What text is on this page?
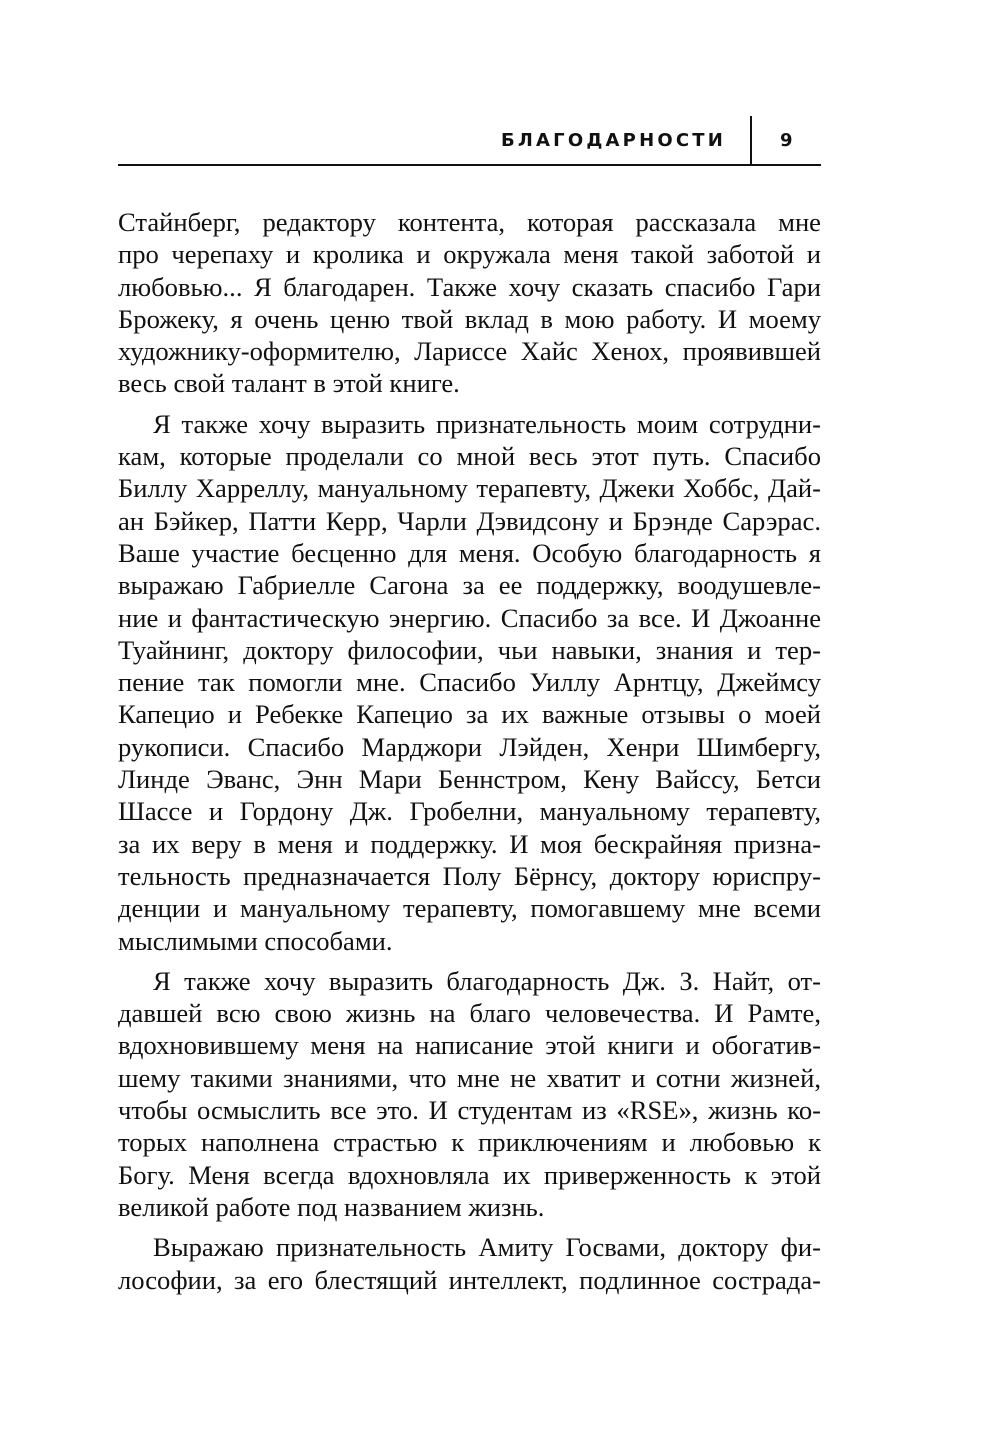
БЛАГОДАРНОСТИ	9

Стайнберг, редактору контента, которая рассказала мне

про черепаху и кролика и окружала меня такой заботой и

любовью... Я благодарен. Также хочу сказать спасибо Гари

Брожеку, я очень ценю твой вклад в мою работу. И моему

художнику-оформителю, Лариссе Хайс Хенох, проявившей

весь свой талант в этой книге.

Я также хочу выразить признательность моим сотрудни-

кам, которые проделали со мной весь этот путь. Спасибо

Биллу Харреллу, мануальному терапевту, Джеки Хоббс, Дай-

ан Бэйкер, Патти Керр, Чарли Дэвидсону и Брэнде Сарэрас.

Ваше участие бесценно для меня. Особую благодарность я

выражаю Габриелле Сагона за ее поддержку, воодушевле-

ние и фантастическую энергию. Спасибо за все. И Джоанне

Туайнинг, доктору философии, чьи навыки, знания и тер-

пение так помогли мне. Спасибо Уиллу Арнтцу, Джеймсу

Капецио и Ребекке Капецио за их важные отзывы о моей

рукописи. Спасибо Марджори Лэйден, Хенри Шимбергу,

Линде Эванс, Энн Мари Беннстром, Кену Вайссу, Бетси

Шассе и Гордону Дж. Гробелни, мануальному терапевту,

за их веру в меня и поддержку. И моя бескрайняя призна-

тельность предназначается Полу Бёрнсу, доктору юриспру-

денции и мануальному терапевту, помогавшему мне всеми

мыслимыми способами.

Я также хочу выразить благодарность Дж. З. Найт, от-

давшей всю свою жизнь на благо человечества. И Рамте,

вдохновившему меня на написание этой книги и обогатив-

шему такими знаниями, что мне не хватит и сотни жизней,

чтобы осмыслить все это. И студентам из «RSE», жизнь ко-

торых наполнена страстью к приключениям и любовью к

Богу. Меня всегда вдохновляла их приверженность к этой

великой работе под названием жизнь.

Выражаю признательность Амиту Госвами, доктору фи-

лософии, за его блестящий интеллект, подлинное сострада-
